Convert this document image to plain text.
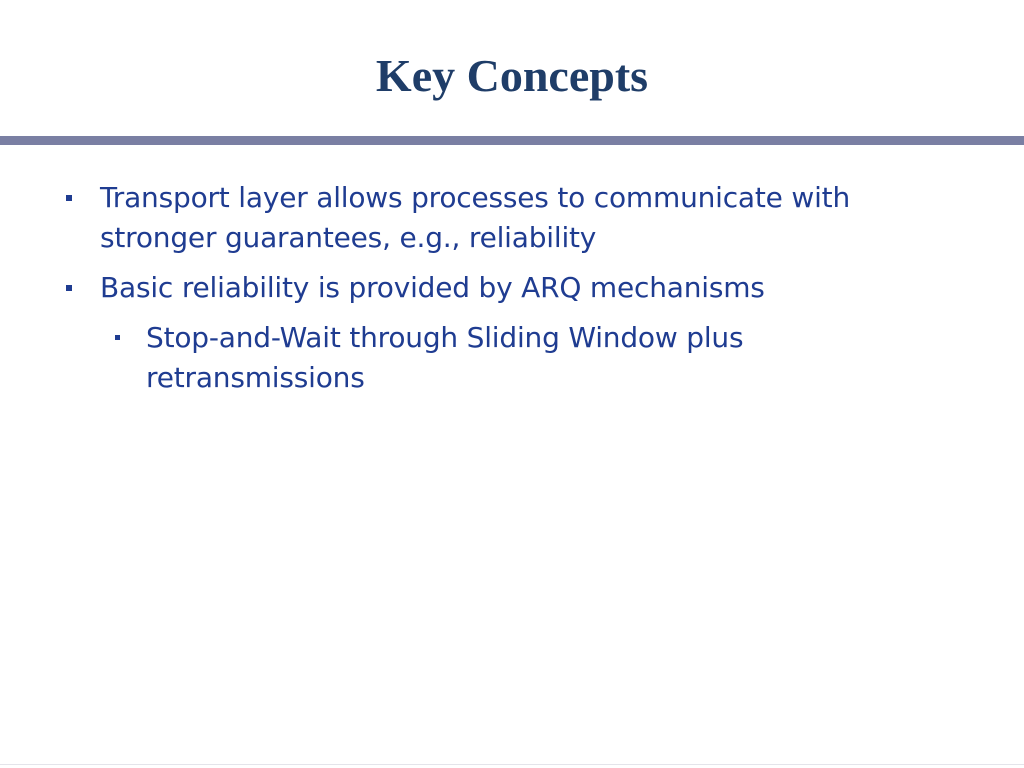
Key Concepts
Transport layer allows processes to communicate with stronger guarantees, e.g., reliability
Basic reliability is provided by ARQ mechanisms
Stop-and-Wait through Sliding Window plus retransmissions
